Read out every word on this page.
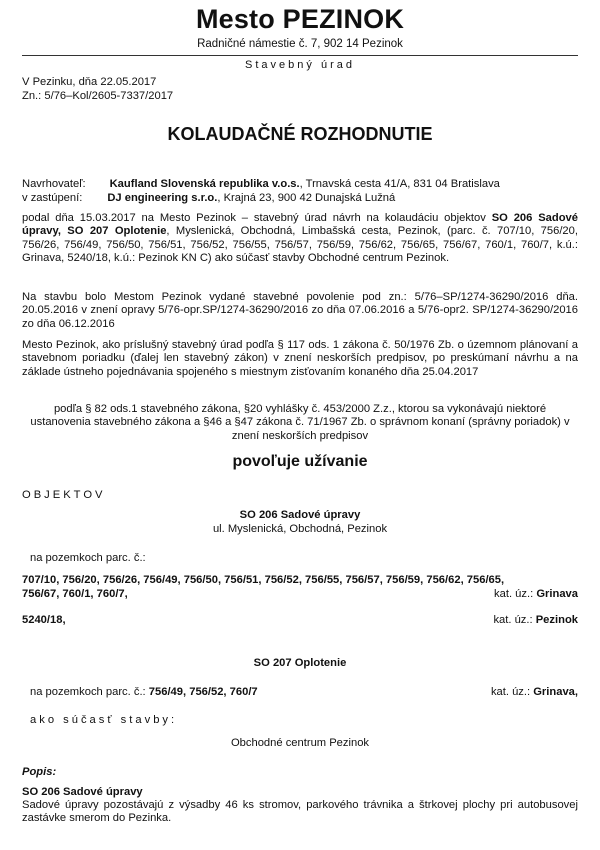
Mesto PEZINOK
Radničné námestie č. 7, 902 14 Pezinok
Stavebný úrad
V Pezinku, dňa 22.05.2017
Zn.: 5/76–Kol/2605-7337/2017
KOLAUDAČNÉ ROZHODNUTIE
Navrhovateľ: Kaufland Slovenská republika v.o.s., Trnavská cesta 41/A, 831 04 Bratislava
v zastúpení: DJ engineering s.r.o., Krajná 23, 900 42 Dunajská Lužná
podal dňa 15.03.2017 na Mesto Pezinok – stavebný úrad návrh na kolaudáciu objektov SO 206 Sadové úpravy, SO 207 Oplotenie, Myslenická, Obchodná, Limbašská cesta, Pezinok, (parc. č. 707/10, 756/20, 756/26, 756/49, 756/50, 756/51, 756/52, 756/55, 756/57, 756/59, 756/62, 756/65, 756/67, 760/1, 760/7, k.ú.: Grinava, 5240/18, k.ú.: Pezinok KN C) ako súčasť stavby Obchodné centrum Pezinok.
Na stavbu bolo Mestom Pezinok vydané stavebné povolenie pod zn.: 5/76–SP/1274-36290/2016 dňa. 20.05.2016 v znení opravy 5/76-opr.SP/1274-36290/2016 zo dňa 07.06.2016 a 5/76-opr2. SP/1274-36290/2016 zo dňa 06.12.2016
Mesto Pezinok, ako príslušný stavebný úrad podľa § 117 ods. 1 zákona č. 50/1976 Zb. o územnom plánovaní a stavebnom poriadku (ďalej len stavebný zákon) v znení neskorších predpisov, po preskúmaní návrhu a na základe ústneho pojednávania spojeného s miestnym zisťovaním konaného dňa 25.04.2017
podľa § 82 ods.1 stavebného zákona, §20 vyhlášky č. 453/2000 Z.z., ktorou sa vykonávajú niektoré ustanovenia stavebného zákona a §46 a §47 zákona č. 71/1967 Zb. o správnom konaní (správny poriadok) v znení neskorších predpisov
povoľuje užívanie
OBJEKTOV
SO 206 Sadové úpravy
ul. Myslenická, Obchodná, Pezinok
na pozemkoch parc. č.:
707/10, 756/20, 756/26, 756/49, 756/50, 756/51, 756/52, 756/55, 756/57, 756/59, 756/62, 756/65,
756/67, 760/1, 760/7,	kat. úz.: Grinava
5240/18,	kat. úz.: Pezinok
SO 207 Oplotenie
na pozemkoch parc. č.: 756/49, 756/52, 760/7	kat. úz.: Grinava,
ako súčasť stavby:
Obchodné centrum Pezinok
Popis:
SO 206 Sadové úpravy
Sadové úpravy pozostávajú z výsadby 46 ks stromov, parkového trávnika a štrkovej plochy pri autobusovej zastávke smerom do Pezinka.
